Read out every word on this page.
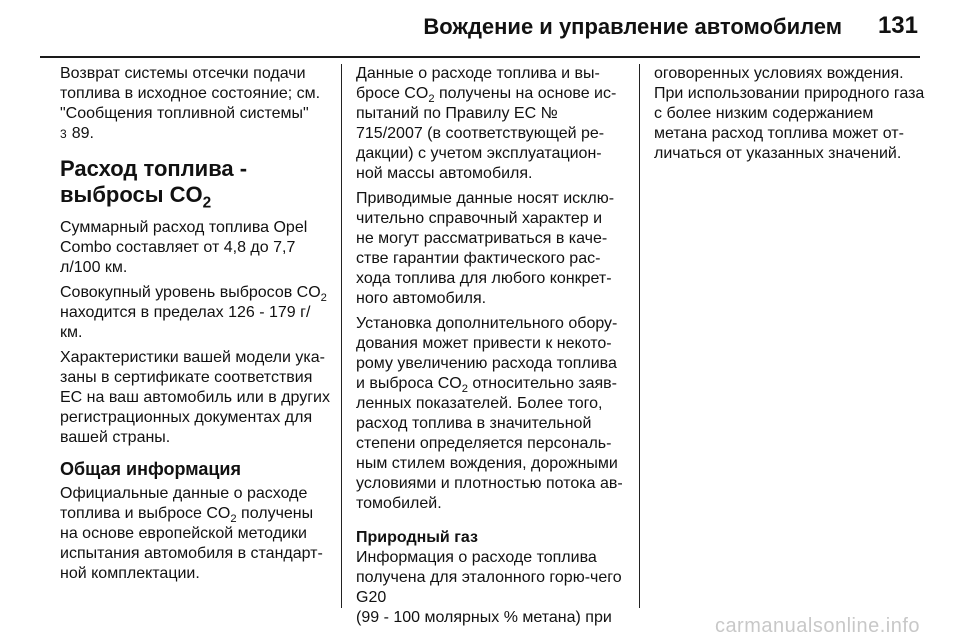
Вождение и управление автомобилем 131

Возврат системы отсечки подачи топлива в исходное состояние; см. "Сообщения топливной системы"
3 89.

Расход топлива -
выбросы $CO_2$

Суммарный расход топлива Opel Combo составляет от 4,8 до 7,7 л/100 км.

Совокупный уровень выбросов $CO_2$ находится в пределах 126 - 179 г/км.

Характеристики вашей модели ука-заны в сертификате соответствия ЕС на ваш автомобиль или в других регистрационных документах для вашей страны.

Общая информация

Официальные данные о расходе топлива и выбросе $CO_2$ получены на основе европейской методики испытания автомобиля в стандарт-ной комплектации.

Данные о расходе топлива и вы-бросе $CO_2$ получены на основе ис-пытаний по Правилу ЕС № 715/2007 (в соответствующей ре-дакции) с учетом эксплуатацион-ной массы автомобиля.

Приводимые данные носят исклю-чительно справочный характер и не могут рассматриваться в каче-стве гарантии фактического рас-хода топлива для любого конкрет-ного автомобиля.

Установка дополнительного обору-дования может привести к некото-рому увеличению расхода топлива и выброса $CO_2$ относительно заяв-ленных показателей. Более того, расход топлива в значительной степени определяется персональ-ным стилем вождения, дорожными условиями и плотностью потока ав-томобилей.

Природный газ

Информация о расходе топлива получена для эталонного горю-чего G20
(99 - 100 молярных % метана) при

оговоренных условиях вождения. При использовании природного газа с более низким содержанием метана расход топлива может от-личаться от указанных значений.

carmanualsonline.info
